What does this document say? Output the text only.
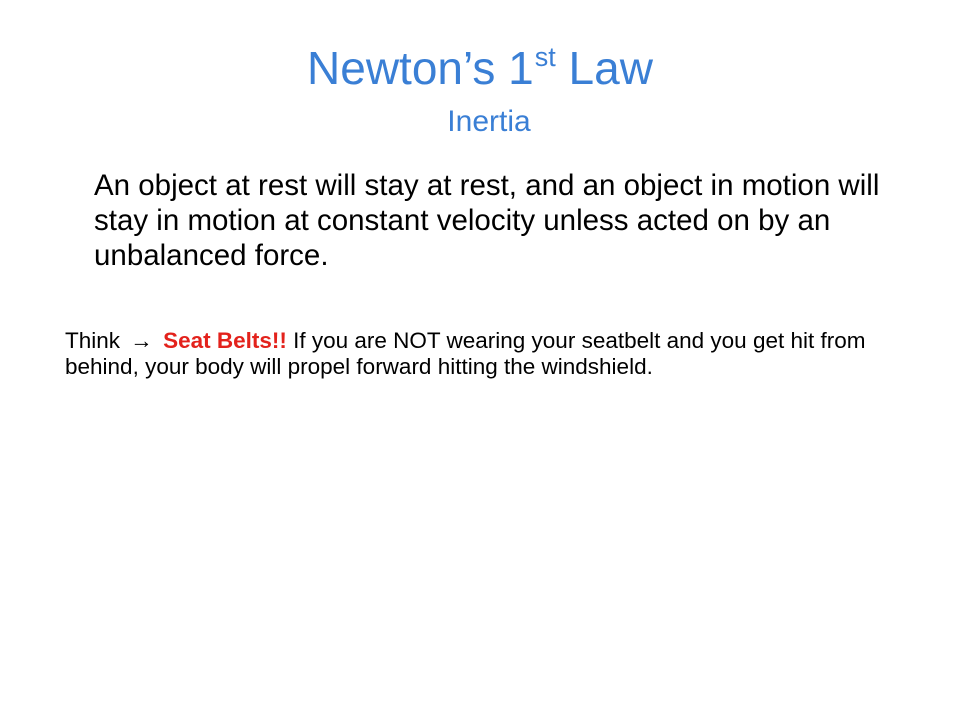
Newton’s 1st Law
Inertia

An object at rest will stay at rest, and an object in motion will stay in motion at constant velocity unless acted on by an unbalanced force.

Think → Seat Belts!! If you are NOT wearing your seatbelt and you get hit from behind, your body will propel forward hitting the windshield.
